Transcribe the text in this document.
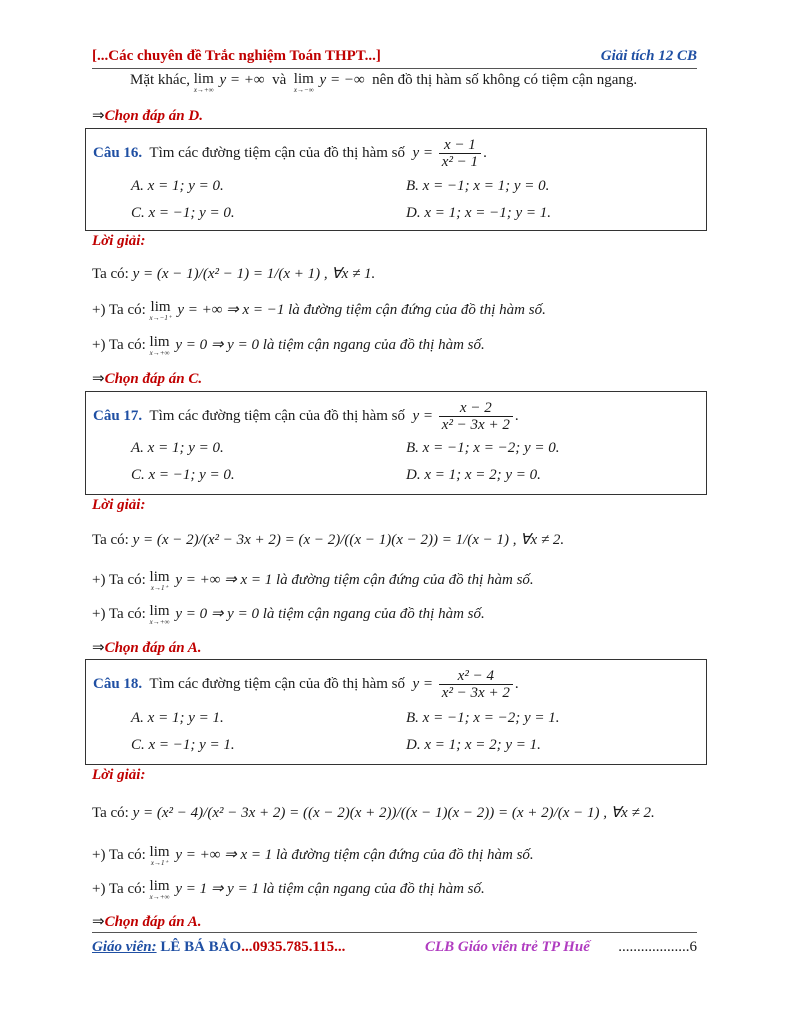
[...Các chuyên đề Trắc nghiệm Toán THPT...]	Giải tích 12 CB
Mặt khác, lim
x→+∞
y = +∞ và lim
x→−∞
y = −∞ nên đồ thị hàm số không có tiệm cận ngang.
⇒Chọn đáp án D.
Câu 16. Tìm các đường tiệm cận của đồ thị hàm số $y = \frac{x - 1}{\text{x² − 1}}$ .
A. x = 1; y = 0.	B. x = −1; x = 1; y = 0.
C. x = −1; y = 0.	D. x = 1; x = −1; y = 1.
Lời giải:
Ta có: y = (x − 1)/(x² − 1) = 1/(x + 1) , ∀x ≠ 1.
+) Ta có: lim
x→−1⁺ y = +∞ ⇒ x = −1 là đường tiệm cận đứng của đồ thị hàm số.
+) Ta có: lim
x→+∞ y = 0 ⇒ y = 0 là tiệm cận ngang của đồ thị hàm số.
⇒Chọn đáp án C.
Câu 17. Tìm các đường tiệm cận của đồ thị hàm số $y = \frac{x - 2}{\text{x² − 3x + 2}}$ .
A. x = 1; y = 0.	B. x = −1; x = −2; y = 0.
C. x = −1; y = 0.	D. x = 1; x = 2; y = 0.
Lời giải:
Ta có: y = (x − 2)/(x² − 3x + 2) = (x − 2)/((x − 1)(x − 2)) = 1/(x − 1) , ∀x ≠ 2.
+) Ta có: lim
x→1⁺ y = +∞ ⇒ x = 1 là đường tiệm cận đứng của đồ thị hàm số.
+) Ta có: lim
x→+∞ y = 0 ⇒ y = 0 là tiệm cận ngang của đồ thị hàm số.
⇒Chọn đáp án A.
Câu 18. Tìm các đường tiệm cận của đồ thị hàm số $y = \frac{\text{x² − 4}}{\text{x² − 3x + 2}}$ .
A. x = 1; y = 1.	B. x = −1; x = −2; y = 1.
C. x = −1; y = 1.	D. x = 1; x = 2; y = 1.
Lời giải:
Ta có: y = (x² − 4)/(x² − 3x + 2) = ((x − 2)(x + 2))/((x − 1)(x − 2)) = (x + 2)/(x − 1) , ∀x ≠ 2.
+) Ta có: lim
x→1⁺ y = +∞ ⇒ x = 1 là đường tiệm cận đứng của đồ thị hàm số.
+) Ta có: lim
x→+∞ y = 1 ⇒ y = 1 là tiệm cận ngang của đồ thị hàm số.
⇒Chọn đáp án A.
Giáo viên: LÊ BÁ BẢO...0935.785.115...	CLB Giáo viên trẻ TP Huế ...................6
